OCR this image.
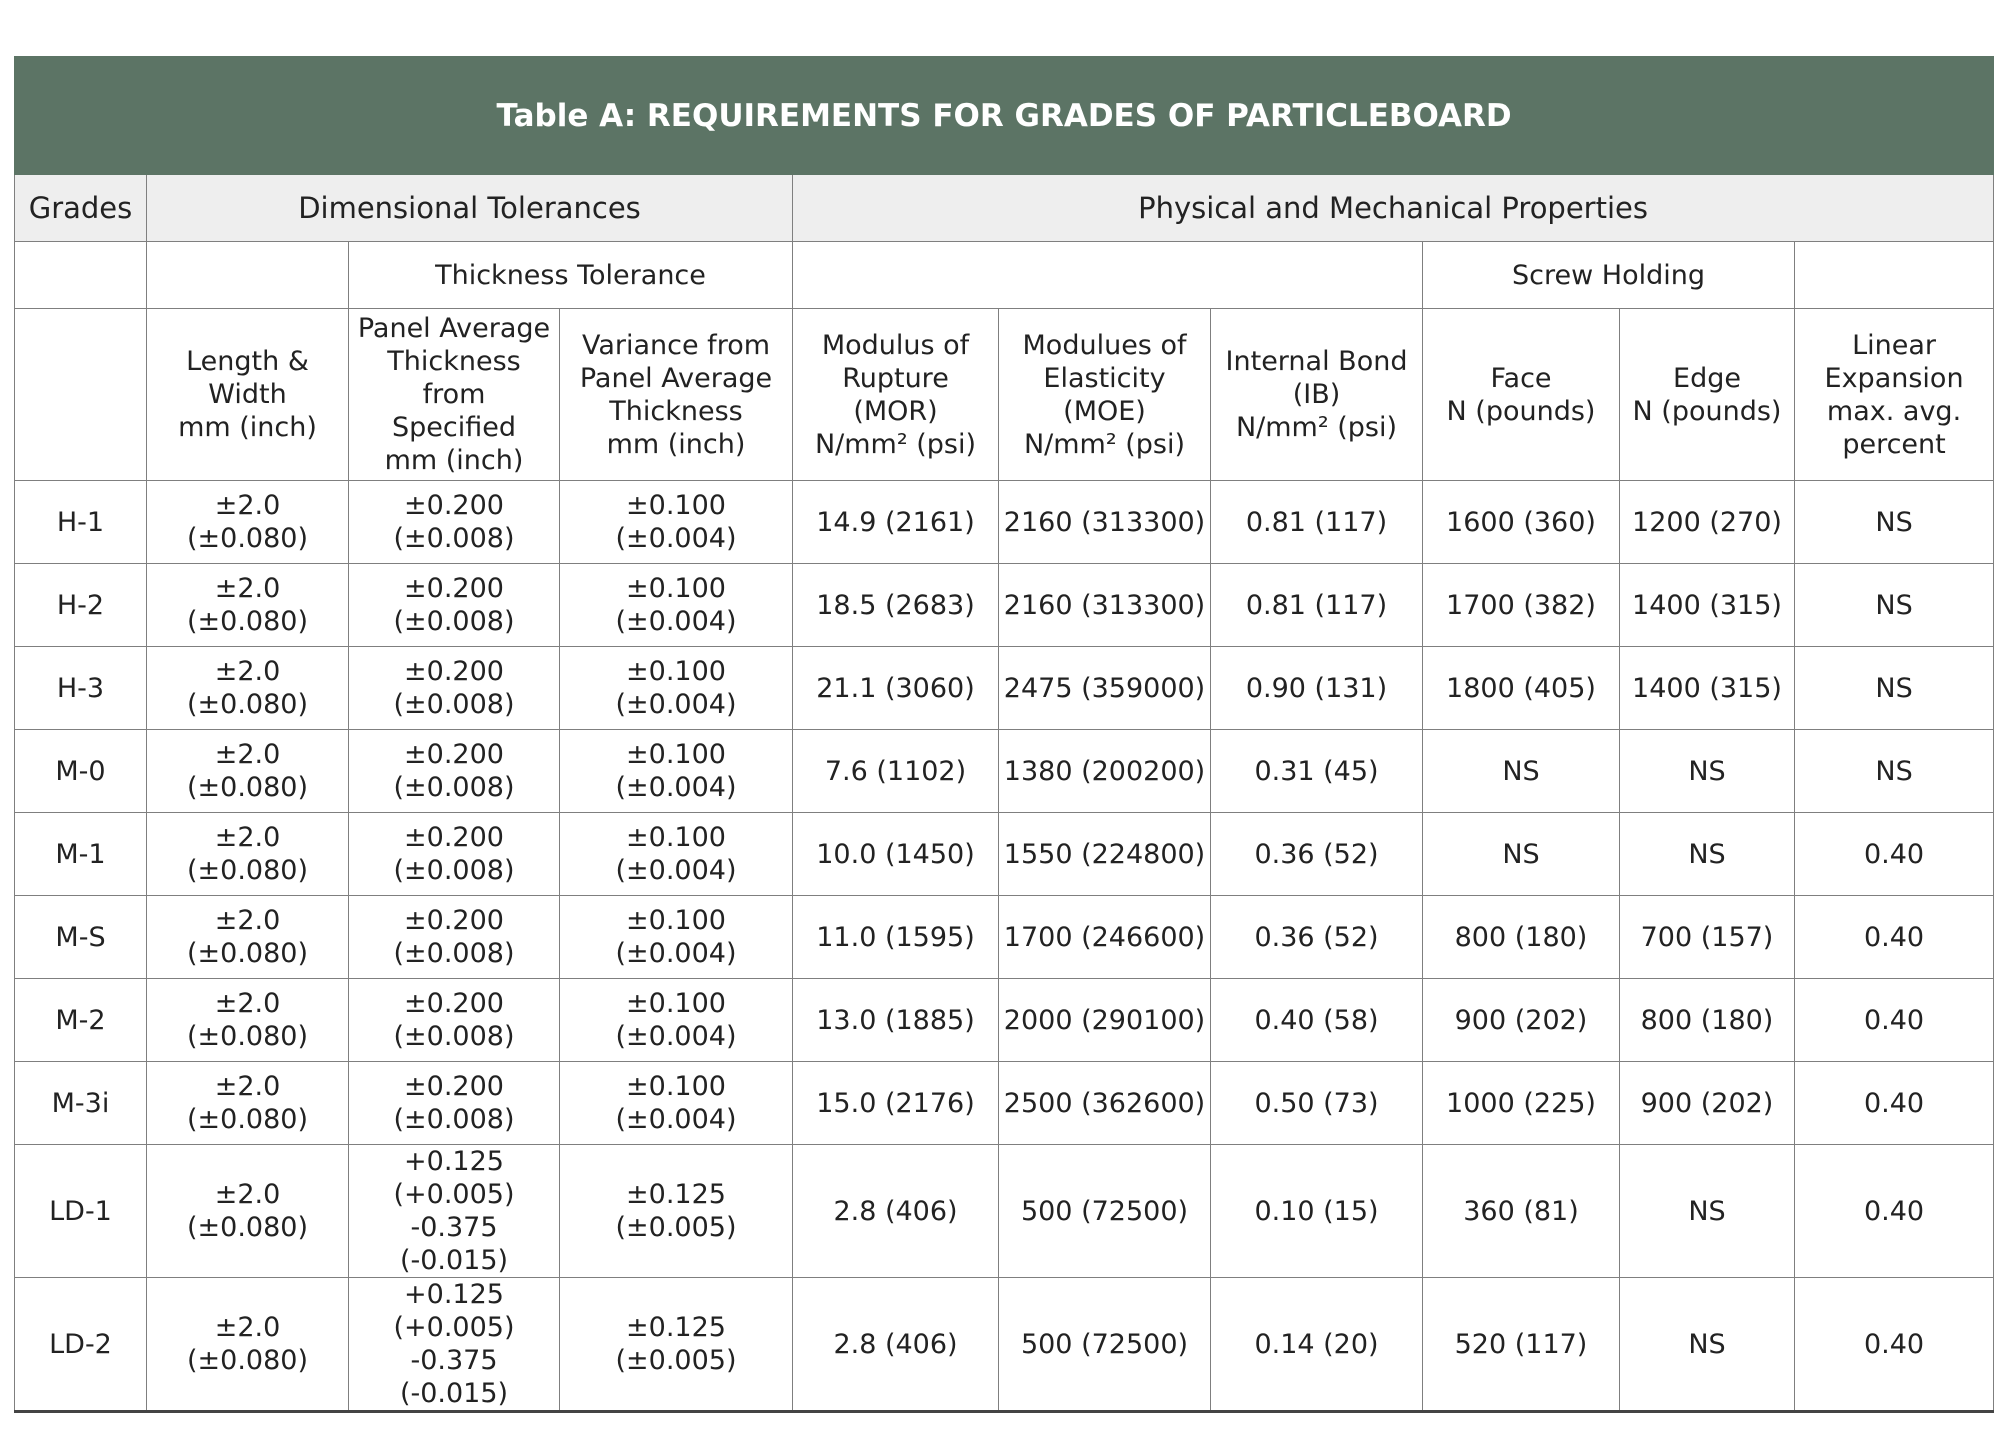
Table A: REQUIREMENTS FOR GRADES OF PARTICLEBOARD									
Grades	Dimensional Tolerances			Physical and Mechanical Properties					
		Thickness Tolerance					Screw Holding		
	Length &
Width
mm (inch)	Panel Average
Thickness from
Specified
mm (inch)	Variance from
Panel Average
Thickness
mm (inch)	Modulus of
Rupture
(MOR)
N/mm² (psi)	Modulues of
Elasticity
(MOE)
N/mm² (psi)	Internal Bond
(IB)
N/mm² (psi)	Face
N (pounds)	Edge
N (pounds)	Linear
Expansion
max. avg.
percent
H-1	±2.0 (±0.080)	±0.200
(±0.008)	±0.100 (±0.004)	14.9 (2161)	2160 (313300)	0.81 (117)	1600 (360)	1200 (270)	NS
H-2	±2.0 (±0.080)	±0.200
(±0.008)	±0.100 (±0.004)	18.5 (2683)	2160 (313300)	0.81 (117)	1700 (382)	1400 (315)	NS
H-3	±2.0 (±0.080)	±0.200
(±0.008)	±0.100 (±0.004)	21.1 (3060)	2475 (359000)	0.90 (131)	1800 (405)	1400 (315)	NS
M-0	±2.0 (±0.080)	±0.200
(±0.008)	±0.100 (±0.004)	7.6 (1102)	1380 (200200)	0.31 (45)	NS	NS	NS
M-1	±2.0 (±0.080)	±0.200
(±0.008)	±0.100 (±0.004)	10.0 (1450)	1550 (224800)	0.36 (52)	NS	NS	0.40
M-S	±2.0 (±0.080)	±0.200
(±0.008)	±0.100 (±0.004)	11.0 (1595)	1700 (246600)	0.36 (52)	800 (180)	700 (157)	0.40
M-2	±2.0 (±0.080)	±0.200
(±0.008)	±0.100 (±0.004)	13.0 (1885)	2000 (290100)	0.40 (58)	900 (202)	800 (180)	0.40
M-3i	±2.0 (±0.080)	±0.200
(±0.008)	±0.100 (±0.004)	15.0 (2176)	2500 (362600)	0.50 (73)	1000 (225)	900 (202)	0.40
LD-1	±2.0 (±0.080)	+0.125
(+0.005)
-0.375 (-0.015)	±0.125 (±0.005)	2.8 (406)	500 (72500)	0.10 (15)	360 (81)	NS	0.40
LD-2	±2.0 (±0.080)	+0.125
(+0.005)
-0.375 (-0.015)	±0.125 (±0.005)	2.8 (406)	500 (72500)	0.14 (20)	520 (117)	NS	0.40
